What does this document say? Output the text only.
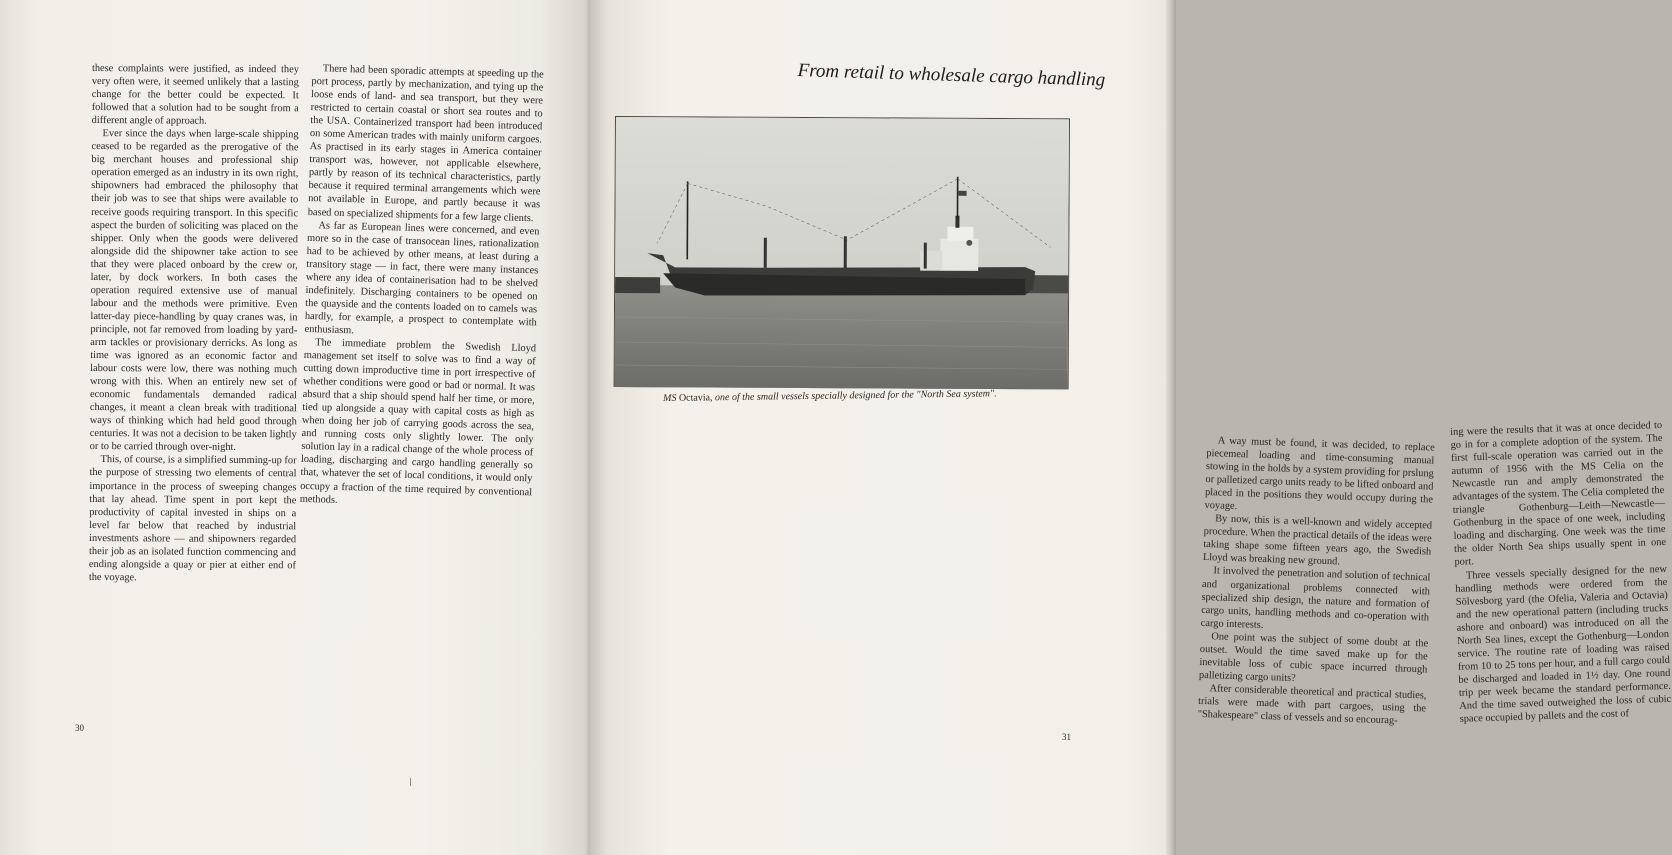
these complaints were justified, as indeed they very often were, it seemed unlikely that a lasting change for the better could be expected. It followed that a solution had to be sought from a different angle of approach.

Ever since the days when large-scale shipping ceased to be regarded as the prerogative of the big merchant houses and professional ship operation emerged as an industry in its own right, shipowners had embraced the philosophy that their job was to see that ships were available to receive goods requiring transport. In this specific aspect the burden of soliciting was placed on the shipper. Only when the goods were delivered alongside did the shipowner take action to see that they were placed onboard by the crew or, later, by dock workers. In both cases the operation required extensive use of manual labour and the methods were primitive. Even latter-day piece-handling by quay cranes was, in principle, not far removed from loading by yard-arm tackles or provisionary derricks. As long as time was ignored as an economic factor and labour costs were low, there was nothing much wrong with this. When an entirely new set of economic fundamentals demanded radical changes, it meant a clean break with traditional ways of thinking which had held good through centuries. It was not a decision to be taken lightly or to be carried through over-night.

This, of course, is a simplified summing-up for the purpose of stressing two elements of central importance in the process of sweeping changes that lay ahead. Time spent in port kept the productivity of capital invested in ships on a level far below that reached by industrial investments ashore — and shipowners regarded their job as an isolated function commencing and ending alongside a quay or pier at either end of the voyage.

There had been sporadic attempts at speeding up the port process, partly by mechanization, and tying up the loose ends of land- and sea transport, but they were restricted to certain coastal or short sea routes and to the USA. Containerized transport had been introduced on some American trades with mainly uniform cargoes. As practised in its early stages in America container transport was, however, not applicable elsewhere, partly by reason of its technical characteristics, partly because it required terminal arrangements which were not available in Europe, and partly because it was based on specialized shipments for a few large clients.

As far as European lines were concerned, and even more so in the case of transocean lines, rationalization had to be achieved by other means, at least during a transitory stage — in fact, there were many instances where any idea of containerisation had to be shelved indefinitely. Discharging containers to be opened on the quayside and the contents loaded on to camels was hardly, for example, a prospect to contemplate with enthusiasm.

The immediate problem the Swedish Lloyd management set itself to solve was to find a way of cutting down improductive time in port irrespective of whether conditions were good or bad or normal. It was absurd that a ship should spend half her time, or more, tied up alongside a quay with capital costs as high as when doing her job of carrying goods across the sea, and running costs only slightly lower. The only solution lay in a radical change of the whole process of loading, discharging and cargo handling generally so that, whatever the set of local conditions, it would only occupy a fraction of the time required by conventional methods.

30
From retail to wholesale cargo handling
MS Octavia, one of the small vessels specially designed for the "North Sea system".

A way must be found, it was decided, to replace piecemeal loading and time-consuming manual stowing in the holds by a system providing for prslung or palletized cargo units ready to be lifted onboard and placed in the positions they would occupy during the voyage.

By now, this is a well-known and widely accepted procedure. When the practical details of the ideas were taking shape some fifteen years ago, the Swedish Lloyd was breaking new ground.

It involved the penetration and solution of technical and organizational problems connected with specialized ship design, the nature and formation of cargo units, handling methods and co-operation with cargo interests.

One point was the subject of some doubt at the outset. Would the time saved make up for the inevitable loss of cubic space incurred through palletizing cargo units?

After considerable theoretical and practical studies, trials were made with part cargoes, using the "Shakespeare" class of vessels and so encourag-

ing were the results that it was at once decided to go in for a complete adoption of the system. The first full-scale operation was carried out in the autumn of 1956 with the MS Celia on the Newcastle run and amply demonstrated the advantages of the system. The Celia completed the triangle Gothenburg—Leith—Newcastle—Gothenburg in the space of one week, including loading and discharging. One week was the time the older North Sea ships usually spent in one port.

Three vessels specially designed for the new handling methods were ordered from the Sölvesborg yard (the Ofelia, Valeria and Octavia) and the new operational pattern (including trucks ashore and onboard) was introduced on all the North Sea lines, except the Gothenburg—London service. The routine rate of loading was raised from 10 to 25 tons per hour, and a full cargo could be discharged and loaded in 1½ day. One round trip per week became the standard performance. And the time saved outweighed the loss of cubic space occupied by pallets and the cost of

31
